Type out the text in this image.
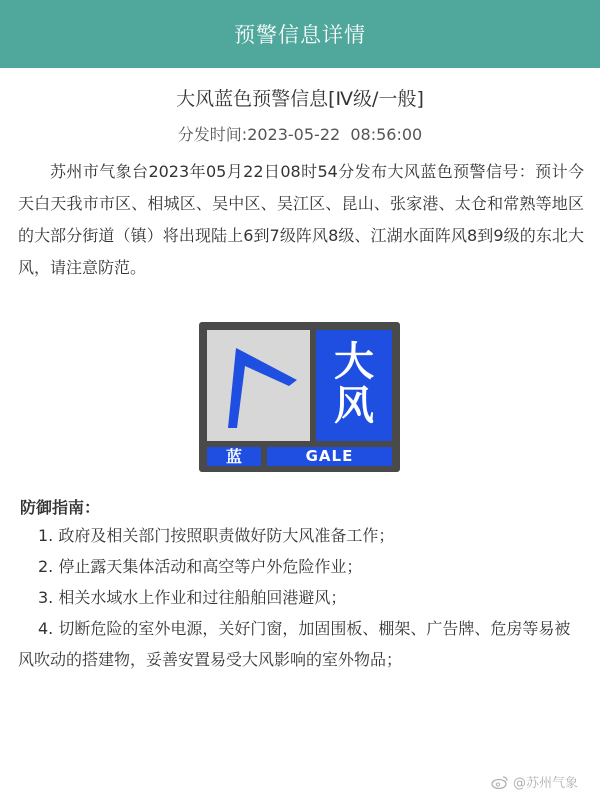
预警信息详情
大风蓝色预警信息[Ⅳ级/一般]
分发时间:2023-05-22  08:56:00
苏州市气象台2023年05月22日08时54分发布大风蓝色预警信号：预计今天白天我市市区、相城区、吴中区、吴江区、昆山、张家港、太仓和常熟等地区的大部分街道（镇）将出现陆上6到7级阵风8级、江湖水面阵风8到9级的东北大风，请注意防范。
大
风
蓝	GALE
防御指南：
1. 政府及相关部门按照职责做好防大风准备工作；
2. 停止露天集体活动和高空等户外危险作业；
3. 相关水域水上作业和过往船舶回港避风；
4. 切断危险的室外电源，关好门窗，加固围板、棚架、广告牌、危房等易被风吹动的搭建物，妥善安置易受大风影响的室外物品；
@苏州气象
